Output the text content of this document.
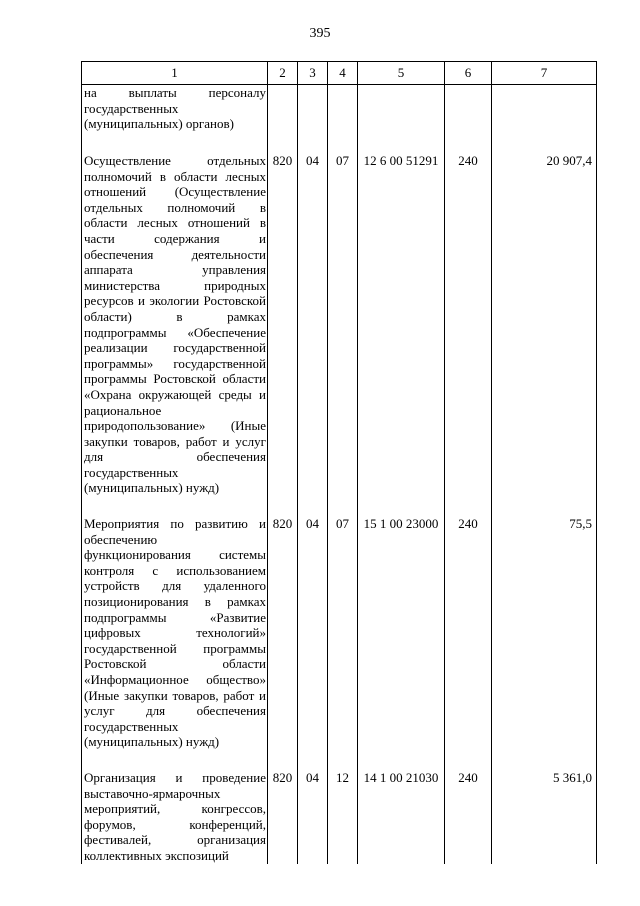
395
1	2	3	4	5	6	7
на выплаты персоналу государственных (муниципальных) органов)						

Осуществление отдельных полномочий в области лесных отношений (Осуществление отдельных полномочий в области лесных отношений в части содержания и обеспечения деятельности аппарата управления министерства природных ресурсов и экологии Ростовской области) в рамках подпрограммы «Обеспечение реализации государственной программы» государственной программы Ростовской области «Охрана окружающей среды и рациональное природопользование» (Иные закупки товаров, работ и услуг для обеспечения государственных (муниципальных) нужд)	820	04	07	12 6 00 51291	240	20 907,4

Мероприятия по развитию и обеспечению функционирования системы контроля с использованием устройств для удаленного позиционирования в рамках подпрограммы «Развитие цифровых технологий» государственной программы Ростовской области «Информационное общество» (Иные закупки товаров, работ и услуг для обеспечения государственных (муниципальных) нужд)	820	04	07	15 1 00 23000	240	75,5

Организация и проведение выставочно-ярмарочных мероприятий, конгрессов, форумов, конференций, фестивалей, организация коллективных экспозиций	820	04	12	14 1 00 21030	240	5 361,0
